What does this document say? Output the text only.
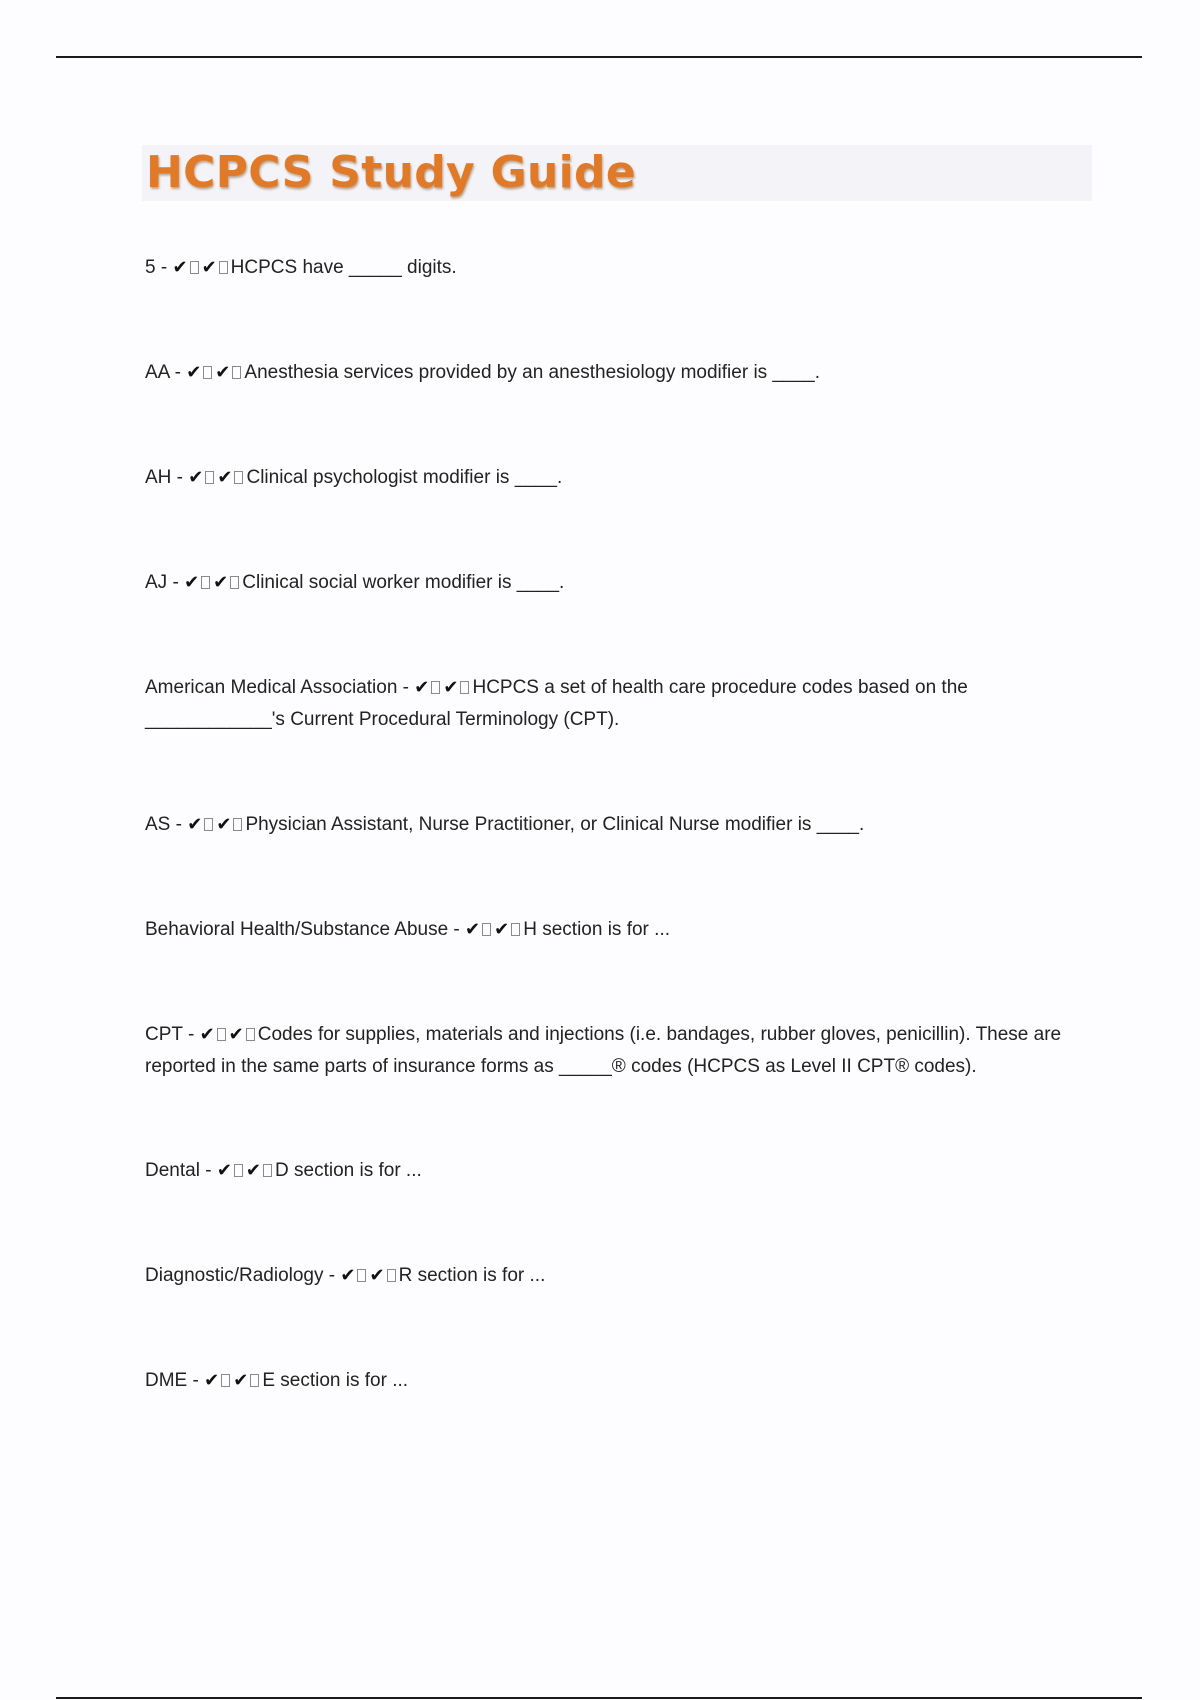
HCPCS Study Guide

5 - ✔ ✔ HCPCS have _____ digits.

AA - ✔ ✔ Anesthesia services provided by an anesthesiology modifier is ____.

AH - ✔ ✔ Clinical psychologist modifier is ____.

AJ - ✔ ✔ Clinical social worker modifier is ____.

American Medical Association - ✔ ✔ HCPCS a set of health care procedure codes based on the ____________'s Current Procedural Terminology (CPT).

AS - ✔ ✔ Physician Assistant, Nurse Practitioner, or Clinical Nurse modifier is ____.

Behavioral Health/Substance Abuse - ✔ ✔ H section is for ...

CPT - ✔ ✔ Codes for supplies, materials and injections (i.e. bandages, rubber gloves, penicillin). These are reported in the same parts of insurance forms as _____® codes (HCPCS as Level II CPT® codes).

Dental - ✔ ✔ D section is for ...

Diagnostic/Radiology - ✔ ✔ R section is for ...

DME - ✔ ✔ E section is for ...
